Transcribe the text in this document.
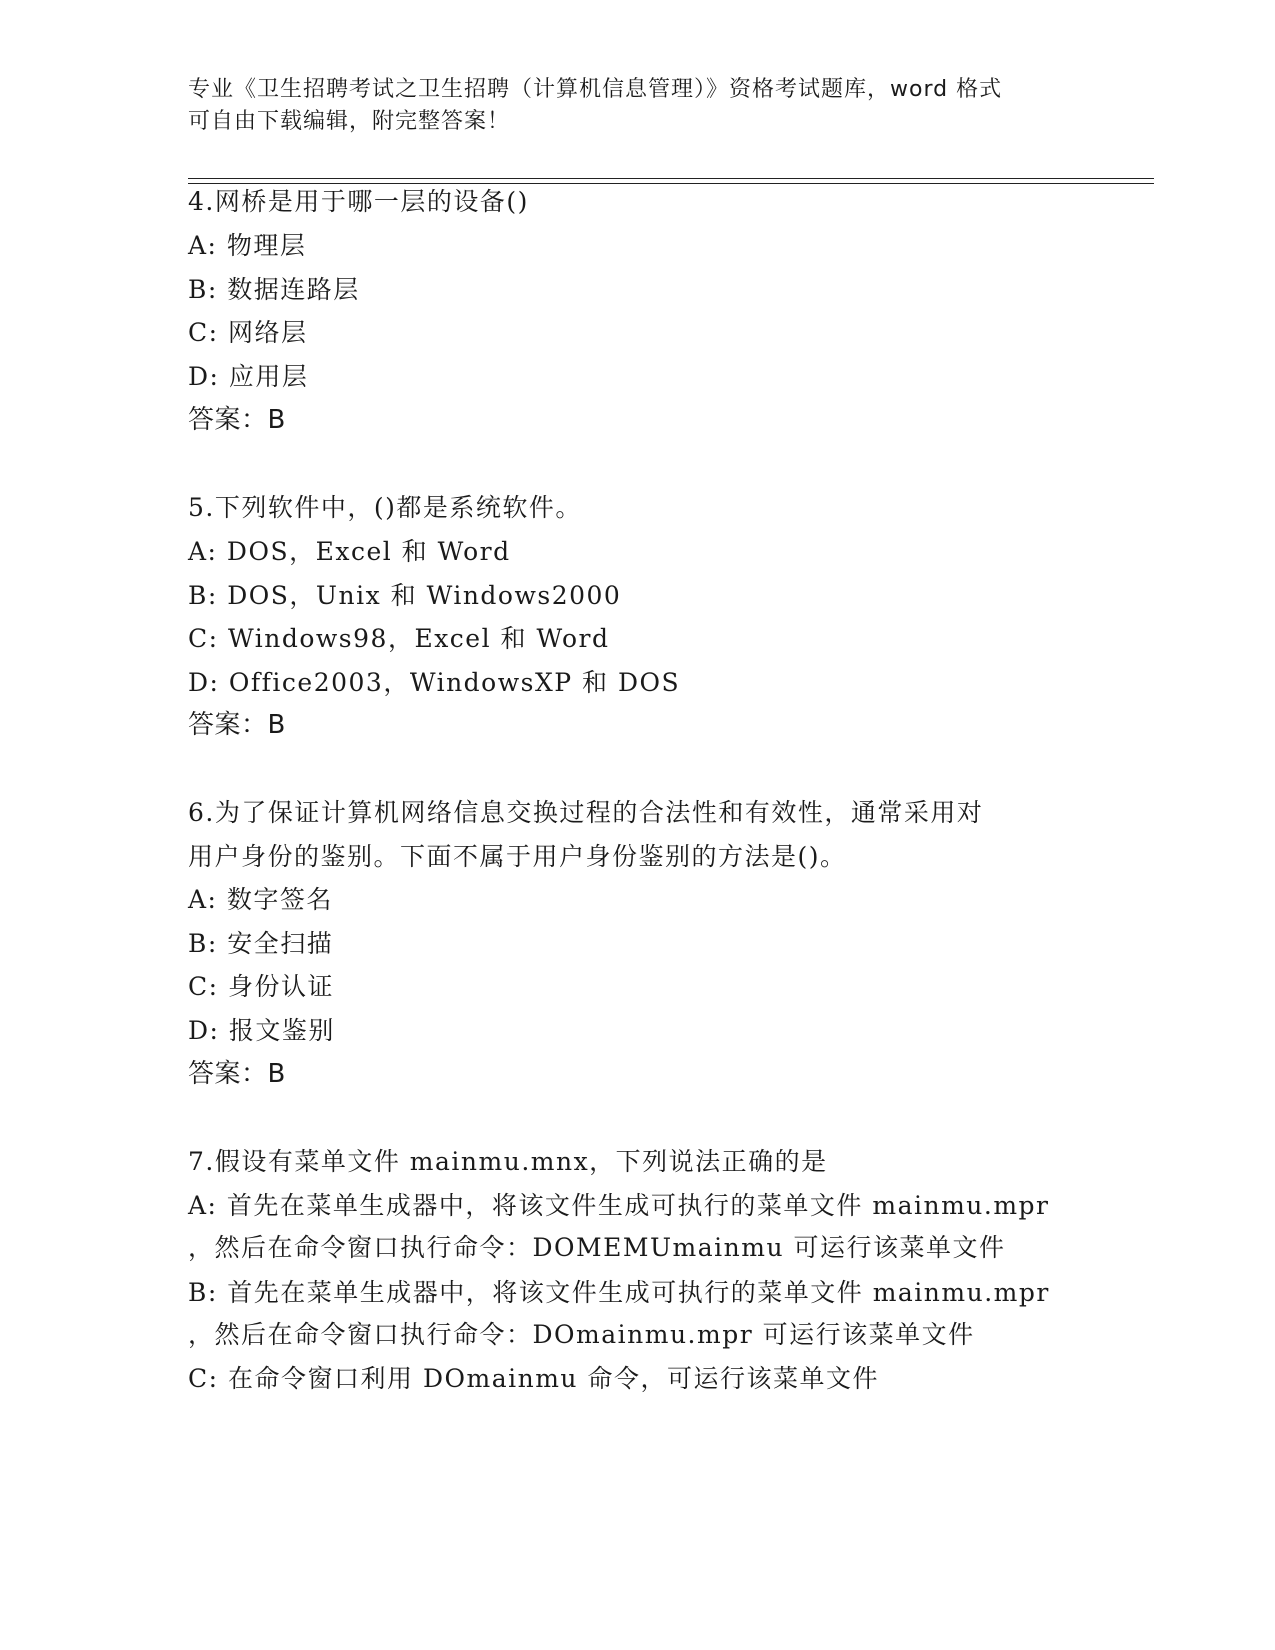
专业《卫生招聘考试之卫生招聘（计算机信息管理）》资格考试题库，word 格式
可自由下载编辑，附完整答案！
4.网桥是用于哪一层的设备()
A: 物理层
B: 数据连路层
C: 网络层
D: 应用层
答案：B
5.下列软件中，()都是系统软件。
A: DOS，Excel 和 Word
B: DOS，Unix 和 Windows2000
C: Windows98，Excel 和 Word
D: Office2003，WindowsXP 和 DOS
答案：B
6.为了保证计算机网络信息交换过程的合法性和有效性，通常采用对
用户身份的鉴别。下面不属于用户身份鉴别的方法是()。
A: 数字签名
B: 安全扫描
C: 身份认证
D: 报文鉴别
答案：B
7.假设有菜单文件 mainmu.mnx，下列说法正确的是
A: 首先在菜单生成器中，将该文件生成可执行的菜单文件 mainmu.mpr
，然后在命令窗口执行命令：DOMEMUmainmu 可运行该菜单文件
B: 首先在菜单生成器中，将该文件生成可执行的菜单文件 mainmu.mpr
，然后在命令窗口执行命令：DOmainmu.mpr 可运行该菜单文件
C: 在命令窗口利用 DOmainmu 命令，可运行该菜单文件
